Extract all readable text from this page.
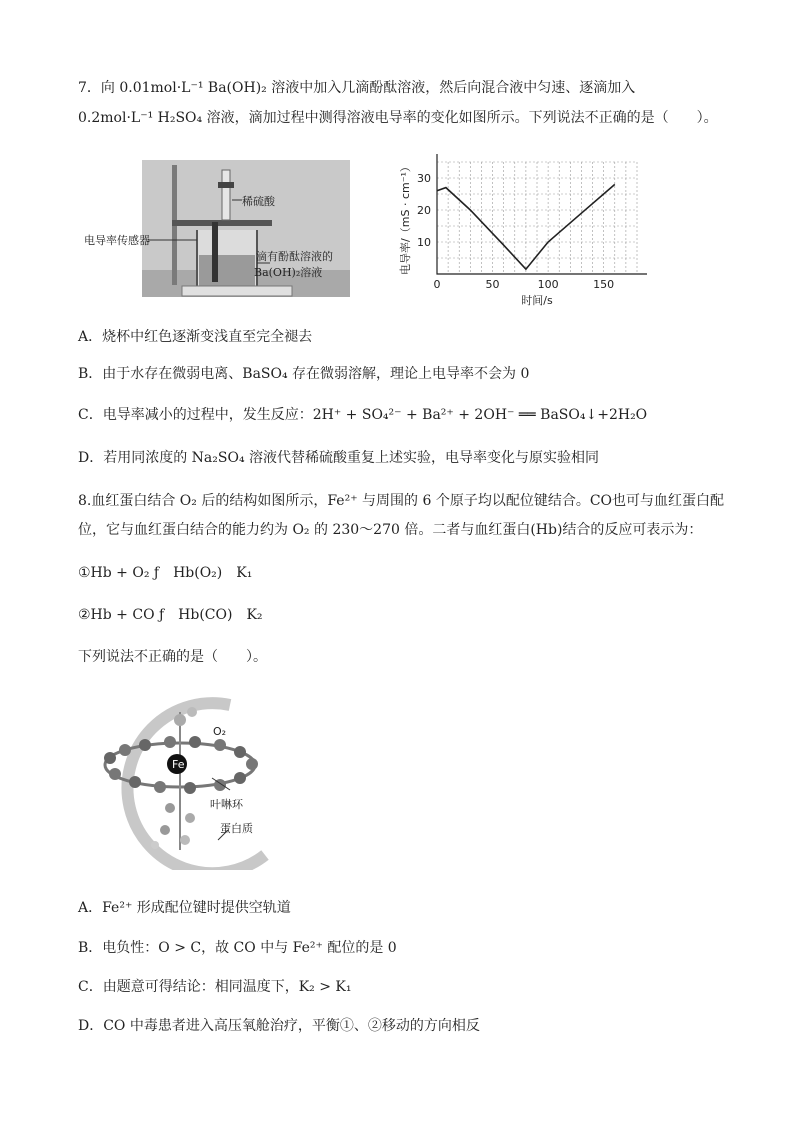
7．向 0.01mol·L⁻¹ Ba(OH)₂ 溶液中加入几滴酚酞溶液，然后向混合液中匀速、逐滴加入
0.2mol·L⁻¹ H₂SO₄ 溶液，滴加过程中测得溶液电导率的变化如图所示。下列说法不正确的是（　　）。
稀硫酸
滴有酚酞溶液的
Ba(OH)₂溶液
电导率传感器
0	50	100	150
10
20
30
时间/s
电导率/（mS · cm⁻¹）
A．烧杯中红色逐渐变浅直至完全褪去
B．由于水存在微弱电离、BaSO₄ 存在微弱溶解，理论上电导率不会为 0
C．电导率减小的过程中，发生反应：2H⁺ + SO₄²⁻ + Ba²⁺ + 2OH⁻ ══ BaSO₄↓+2H₂O
D．若用同浓度的 Na₂SO₄ 溶液代替稀硫酸重复上述实验，电导率变化与原实验相同
8.血红蛋白结合 O₂ 后的结构如图所示，Fe²⁺ 与周围的 6 个原子均以配位键结合。CO也可与血红蛋白配
位，它与血红蛋白结合的能力约为 O₂ 的 230～270 倍。二者与血红蛋白(Hb)结合的反应可表示为：
①Hb + O₂ ƒ　Hb(O₂)　K₁
②Hb + CO ƒ　Hb(CO)　K₂
下列说法不正确的是（　　）。
O₂
Fe
叶啉环
蛋白质
A．Fe²⁺ 形成配位键时提供空轨道
B．电负性：O > C，故 CO 中与 Fe²⁺ 配位的是 0
C．由题意可得结论：相同温度下，K₂ > K₁
D．CO 中毒患者进入高压氧舱治疗，平衡①、②移动的方向相反
